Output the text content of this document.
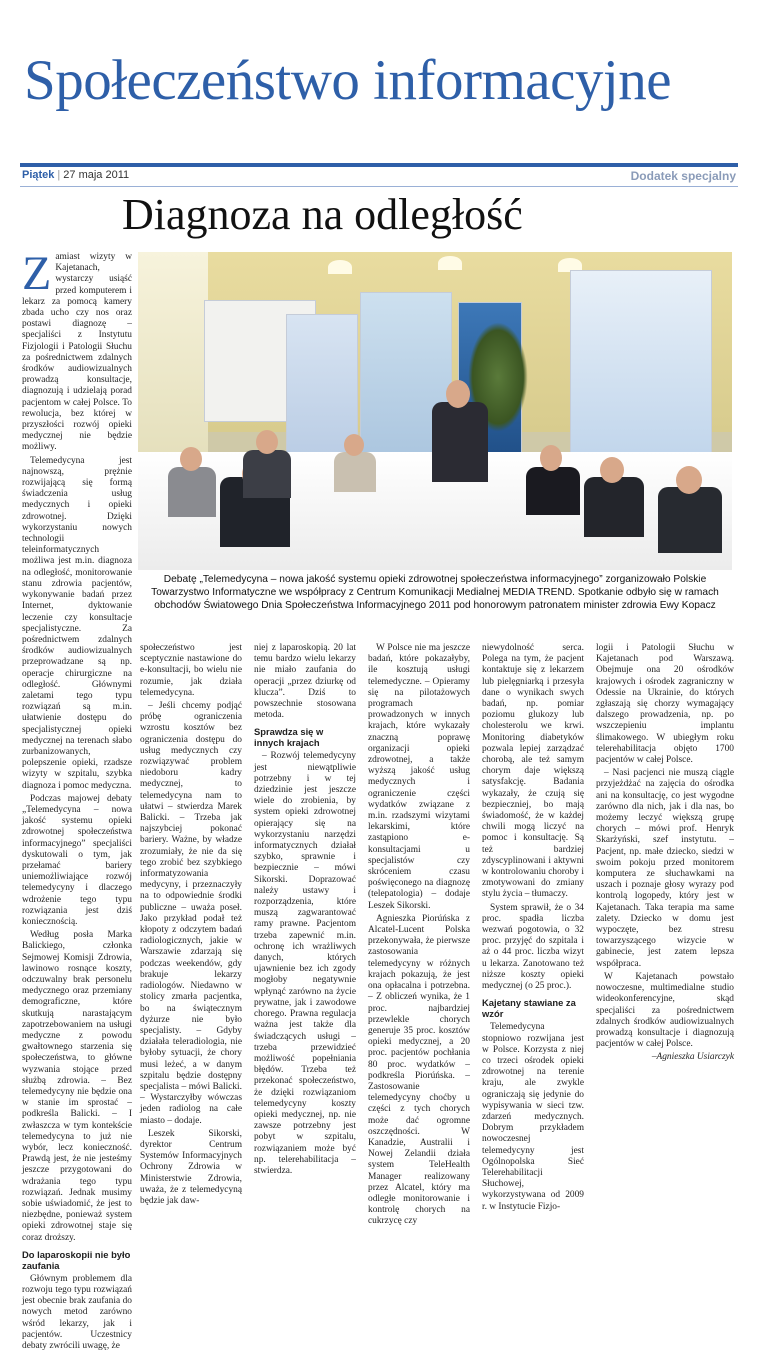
Społeczeństwo informacyjne
Piątek | 27 maja 2011	Dodatek specjalny
Diagnoza na odległość
Z amiast wizyty w Kajetanach, wystarczy usiąść przed komputerem i lekarz za pomocą kamery zbada ucho czy nos oraz postawi diagnozę – specjaliści z Instytutu Fizjologii i Patologii Słuchu za pośrednictwem zdalnych środków audiowizualnych prowadzą konsultacje, diagnozują i udzielają porad pacjentom w całej Polsce. To rewolucja, bez której w przyszłości rozwój opieki medycznej nie będzie możliwy.

Telemedycyna jest najnowszą, prężnie rozwijającą się formą świadczenia usług medycznych i opieki zdrowotnej. Dzięki wykorzystaniu nowych technologii teleinformatycznych możliwa jest m.in. diagnoza na odległość, monitorowanie stanu zdrowia pacjentów, wykonywanie badań przez Internet, dyktowanie leczenie czy konsultacje specjalistyczne. Za pośrednictwem zdalnych środków audiowizualnych przeprowadzane są np. operacje chirurgiczne na odległość. Głównymi zaletami tego typu rozwiązań są m.in. ułatwienie dostępu do specjalistycznej opieki medycznej na terenach słabo zurbanizowanych, polepszenie opieki, rzadsze wizyty w szpitalu, szybka diagnoza i pomoc medyczna.

Podczas majowej debaty „Telemedycyna – nowa jakość systemu opieki zdrowotnej społeczeństwa informacyjnego” specjaliści dyskutowali o tym, jak przełamać bariery uniemożliwiające rozwój telemedycyny i dlaczego wdrożenie tego typu rozwiązania jest dziś koniecznością.

Według posła Marka Balickiego, członka Sejmowej Komisji Zdrowia, lawinowo rosnące koszty, odczuwalny brak personelu medycznego oraz przemiany demograficzne, które skutkują narastającym zapotrzebowaniem na usługi medyczne z powodu gwałtownego starzenia się społeczeństwa, to główne wyzwania stojące przed służbą zdrowia. – Bez telemedycyny nie będzie ona w stanie im sprostać – podkreśla Balicki. – I zwłaszcza w tym kontekście telemedycyna to już nie wybór, lecz konieczność. Prawdą jest, że nie jesteśmy jeszcze przygotowani do wdrażania tego typu rozwiązań. Jednak musimy sobie uświadomić, że jest to niezbędne, ponieważ system opieki zdrowotnej staje się coraz droższy.

Do laparoskopii nie było zaufania

Głównym problemem dla rozwoju tego typu rozwiązań jest obecnie brak zaufania do nowych metod zarówno wśród lekarzy, jak i pacjentów. Uczestnicy debaty zwrócili uwagę, że

Debatę „Telemedycyna – nowa jakość systemu opieki zdrowotnej społeczeństwa informacyjnego” zorganizowało Polskie Towarzystwo Informatyczne we współpracy z Centrum Komunikacji Medialnej MEDIA TREND. Spotkanie odbyło się w ramach obchodów Światowego Dnia Społeczeństwa Informacyjnego 2011 pod honorowym patronatem minister zdrowia Ewy Kopacz

społeczeństwo jest sceptycznie nastawione do e-konsultacji, bo wielu nie rozumie, jak działa telemedycyna.

– Jeśli chcemy podjąć próbę ograniczenia wzrostu kosztów bez ograniczenia dostępu do usług medycznych czy rozwiązywać problem niedoboru kadry medycznej, to telemedycyna nam to ułatwi – stwierdza Marek Balicki. – Trzeba jak najszybciej pokonać bariery. Ważne, by władze zrozumiały, że nie da się tego zrobić bez szybkiego informatyzowania medycyny, i przeznaczyły na to odpowiednie środki publiczne – uważa poseł. Jako przykład podał też kłopoty z odczytem badań radiologicznych, jakie w Warszawie zdarzają się podczas weekendów, gdy brakuje lekarzy radiologów. Niedawno w stolicy zmarła pacjentka, bo na świątecznym dyżurze nie było specjalisty. – Gdyby działała teleradiologia, nie byłoby sytuacji, że chory musi leżeć, a w danym szpitalu będzie dostępny specjalista – mówi Balicki. – Wystarczyłby wówczas jeden radiolog na całe miasto – dodaje.

Leszek Sikorski, dyrektor Centrum Systemów Informacyjnych Ochrony Zdrowia w Ministerstwie Zdrowia, uważa, że z telemedycyną będzie jak daw-

niej z laparoskopią. 20 lat temu bardzo wielu lekarzy nie miało zaufania do operacji „przez dziurkę od klucza”. Dziś to powszechnie stosowana metoda.

Sprawdza się w innych krajach

– Rozwój telemedycyny jest niewątpliwie potrzebny i w tej dziedzinie jest jeszcze wiele do zrobienia, by system opieki zdrowotnej opierający się na wykorzystaniu narzędzi informatycznych działał szybko, sprawnie i bezpiecznie – mówi Sikorski. Doprazować należy ustawy i rozporządzenia, które muszą zagwarantować ramy prawne. Pacjentom trzeba zapewnić m.in. ochronę ich wrażliwych danych, których ujawnienie bez ich zgody mogłoby negatywnie wpłynąć zarówno na życie prywatne, jak i zawodowe chorego. Prawna regulacja ważna jest także dla świadczących usługi – trzeba przewidzieć możliwość popełniania błędów. Trzeba też przekonać społeczeństwo, że dzięki rozwiązaniom telemedycyny koszty opieki medycznej, np. nie zawsze potrzebny jest pobyt w szpitalu, rozwiązaniem może być np. telerehabilitacja – stwierdza.

W Polsce nie ma jeszcze badań, które pokazałyby, ile kosztują usługi telemedyczne. – Opieramy się na pilotażowych programach prowadzonych w innych krajach, które wykazały znaczną poprawę organizacji opieki zdrowotnej, a także wyższą jakość usług medycznych i ograniczenie części wydatków związane z m.in. rzadszymi wizytami lekarskimi, które zastąpiono e-konsultacjami u specjalistów czy skróceniem czasu poświęconego na diagnozę (telepatologia) – dodaje Leszek Sikorski.

Agnieszka Piorúńska z Alcatel-Lucent Polska przekonywała, że pierwsze zastosowania telemedycyny w różnych krajach pokazują, że jest ona opłacalna i potrzebna. – Z obliczeń wynika, że 1 proc. najbardziej przewlekle chorych generuje 35 proc. kosztów opieki medycznej, a 20 proc. pacjentów pochłania 80 proc. wydatków – podkreśla Piorúńska. – Zastosowanie telemedycyny choćby u części z tych chorych może dać ogromne oszczędności. W Kanadzie, Australii i Nowej Zelandii działa system TeleHealth Manager realizowany przez Alcatel, który ma odległe monitorowanie i kontrolę chorych na cukrzycę czy

niewydolność serca. Polega na tym, że pacjent kontaktuje się z lekarzem lub pielęgniarką i przesyła dane o wynikach swych badań, np. pomiar poziomu glukozy lub cholesterolu we krwi. Monitoring diabetyków pozwala lepiej zarządzać chorobą, ale też samym chorym daje większą satysfakcję. Badania wykazały, że czują się bezpieczniej, bo mają świadomość, że w każdej chwili mogą liczyć na pomoc i konsultację. Są też bardziej zdyscyplinowani i aktywni w kontrolowaniu choroby i zmotywowani do zmiany stylu życia – tłumaczy.

System sprawił, że o 34 proc. spadła liczba wezwań pogotowia, o 32 proc. przyjęć do szpitala i aż o 44 proc. liczba wizyt u lekarza. Zanotowano też niższe koszty opieki medycznej (o 25 proc.).

Kajetany stawiane za wzór

Telemedycyna stopniowo rozwijana jest w Polsce. Korzysta z niej co trzeci ośrodek opieki zdrowotnej na terenie kraju, ale zwykle ograniczają się jedynie do wypisywania w sieci tzw. zdarzeń medycznych. Dobrym przykładem nowoczesnej telemedycyny jest Ogólnopolska Sieć Telerehabilitacji Słuchowej, wykorzystywana od 2009 r. w Instytucie Fizjo-

logii i Patologii Słuchu w Kajetanach pod Warszawą. Obejmuje ona 20 ośrodków krajowych i ośrodek zagraniczny w Odessie na Ukrainie, do których zgłaszają się chorzy wymagający dalszego prowadzenia, np. po wszczepieniu implantu ślimakowego. W ubiegłym roku telerehabilitacja objęto 1700 pacjentów w całej Polsce.

– Nasi pacjenci nie muszą ciągle przyjeżdżać na zajęcia do ośrodka ani na konsultację, co jest wygodne zarówno dla nich, jak i dla nas, bo możemy leczyć większą grupę chorych – mówi prof. Henryk Skarżyński, szef instytutu. – Pacjent, np. małe dziecko, siedzi w swoim pokoju przed monitorem komputera ze słuchawkami na uszach i poznaje głosy wyrazy pod kontrolą logopedy, który jest w Kajetanach. Taka terapia ma same zalety. Dziecko w domu jest wypoczęte, bez stresu towarzyszącego wizycie w gabinecie, jest zatem lepsza współpraca.

W Kajetanach powstało nowoczesne, multimedialne studio wideokonferencyjne, skąd specjaliści za pośrednictwem zdalnych środków audiowizualnych prowadzą konsultacje i diagnozują pacjentów w całej Polsce.

–Agnieszka Usiarczyk
